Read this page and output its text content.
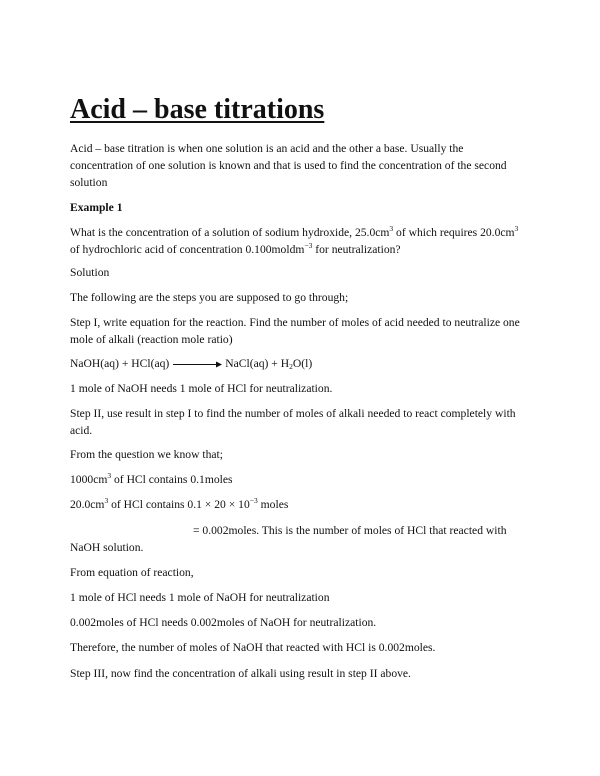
Acid – base titrations

Acid – base titration is when one solution is an acid and the other a base. Usually the

concentration of one solution is known and that is used to find the concentration of the second

solution

Example 1

What is the concentration of a solution of sodium hydroxide, $25.0cm^3$ of which requires $20.0cm^3$

of hydrochloric acid of concentration 0.100moldm$^{-3}$ for neutralization?

Solution

The following are the steps you are supposed to go through;

Step I, write equation for the reaction. Find the number of moles of acid needed to neutralize one

mole of alkali (reaction mole ratio)

NaOH(aq) + HCl(aq)	NaCl(aq) + $H_2O(l)$

1 mole of NaOH needs 1 mole of HCl for neutralization.

Step II, use result in step I to find the number of moles of alkali needed to react completely with

acid.

From the question we know that;

$1000cm^3$ of HCl contains 0.1moles

$20.0cm^3$ of HCl contains $0.1 \times 20 \times 10^{-3}$ moles

= 0.002moles. This is the number of moles of HCl that reacted with

NaOH solution.

From equation of reaction,

1 mole of HCl needs 1 mole of NaOH for neutralization

0.002moles of HCl needs 0.002moles of NaOH for neutralization.

Therefore, the number of moles of NaOH that reacted with HCl is 0.002moles.

Step III, now find the concentration of alkali using result in step II above.
